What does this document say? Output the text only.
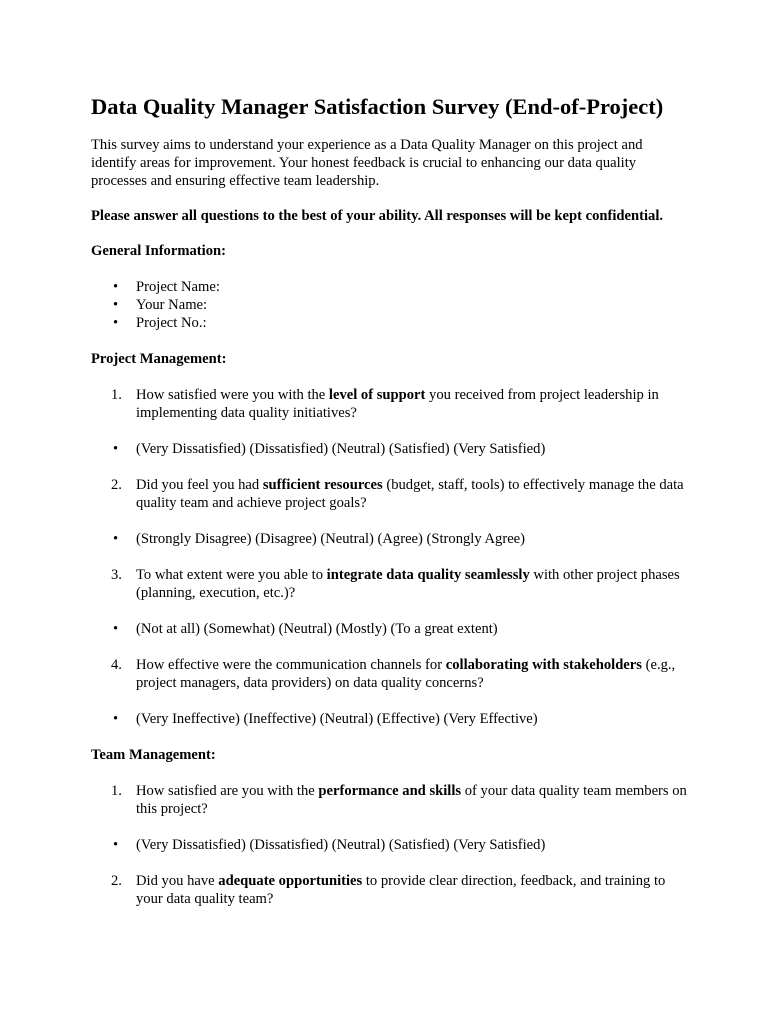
Data Quality Manager Satisfaction Survey (End-of-Project)

This survey aims to understand your experience as a Data Quality Manager on this project and identify areas for improvement. Your honest feedback is crucial to enhancing our data quality processes and ensuring effective team leadership.

Please answer all questions to the best of your ability. All responses will be kept confidential.

General Information:
• Project Name:
• Your Name:
• Project No.:
Project Management:
1. How satisfied were you with the level of support you received from project leadership in implementing data quality initiatives?
• (Very Dissatisfied) (Dissatisfied) (Neutral) (Satisfied) (Very Satisfied)
2. Did you feel you had sufficient resources (budget, staff, tools) to effectively manage the data quality team and achieve project goals?
• (Strongly Disagree) (Disagree) (Neutral) (Agree) (Strongly Agree)
3. To what extent were you able to integrate data quality seamlessly with other project phases (planning, execution, etc.)?
• (Not at all) (Somewhat) (Neutral) (Mostly) (To a great extent)
4. How effective were the communication channels for collaborating with stakeholders (e.g., project managers, data providers) on data quality concerns?
• (Very Ineffective) (Ineffective) (Neutral) (Effective) (Very Effective)
Team Management:
1. How satisfied are you with the performance and skills of your data quality team members on this project?
• (Very Dissatisfied) (Dissatisfied) (Neutral) (Satisfied) (Very Satisfied)
2. Did you have adequate opportunities to provide clear direction, feedback, and training to your data quality team?
